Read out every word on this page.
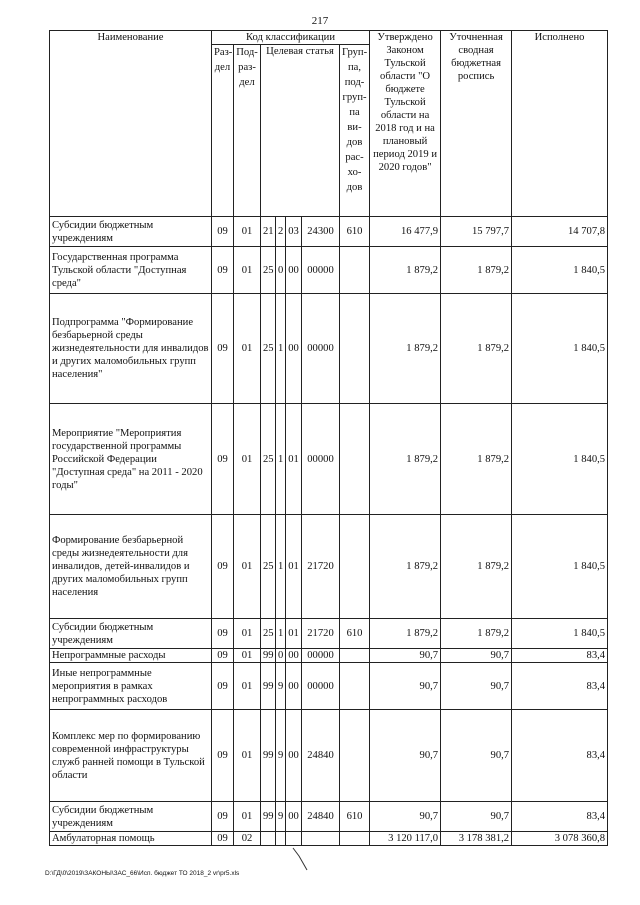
217
Наименование	Код классификации							Утверждено Законом Тульской области "О бюджете Тульской области на 2018 год и на плановый период 2019 и 2020 годов"	Уточненная сводная бюджетная роспись	Исполнено
	Раз- дел	Под- раз- дел	Целевая статья				Груп- па, под- груп- па ви- дов рас- хо- дов			
Субсидии бюджетным учреждениям	09	01	21	2	03	24300	610	16 477,9	15 797,7	14 707,8
Государственная программа Тульской области "Доступная среда"	09	01	25	0	00	00000		1 879,2	1 879,2	1 840,5
Подпрограмма "Формирование безбарьерной среды жизнедеятельности для инвалидов и других маломобильных групп населения"	09	01	25	1	00	00000		1 879,2	1 879,2	1 840,5
Мероприятие "Мероприятия государственной программы Российской Федерации "Доступная среда" на 2011 - 2020 годы"	09	01	25	1	01	00000		1 879,2	1 879,2	1 840,5
Формирование безбарьерной среды жизнедеятельности для инвалидов, детей-инвалидов и других маломобильных групп населения	09	01	25	1	01	21720		1 879,2	1 879,2	1 840,5
Субсидии бюджетным учреждениям	09	01	25	1	01	21720	610	1 879,2	1 879,2	1 840,5
Непрограммные расходы	09	01	99	0	00	00000		90,7	90,7	83,4
Иные непрограммные мероприятия в рамках непрограммных расходов	09	01	99	9	00	00000		90,7	90,7	83,4
Комплекс мер по формированию современной инфраструктуры служб ранней помощи в Тульской области	09	01	99	9	00	24840		90,7	90,7	83,4
Субсидии бюджетным учреждениям	09	01	99	9	00	24840	610	90,7	90,7	83,4
Амбулаторная помощь	09	02						3 120 117,0	3 178 381,2	3 078 360,8
D:\ГД\0\2019\ЗАКОНЫ\ЗАС_66\Исп. бюджет ТО 2018_2 vr\pr5.xls
